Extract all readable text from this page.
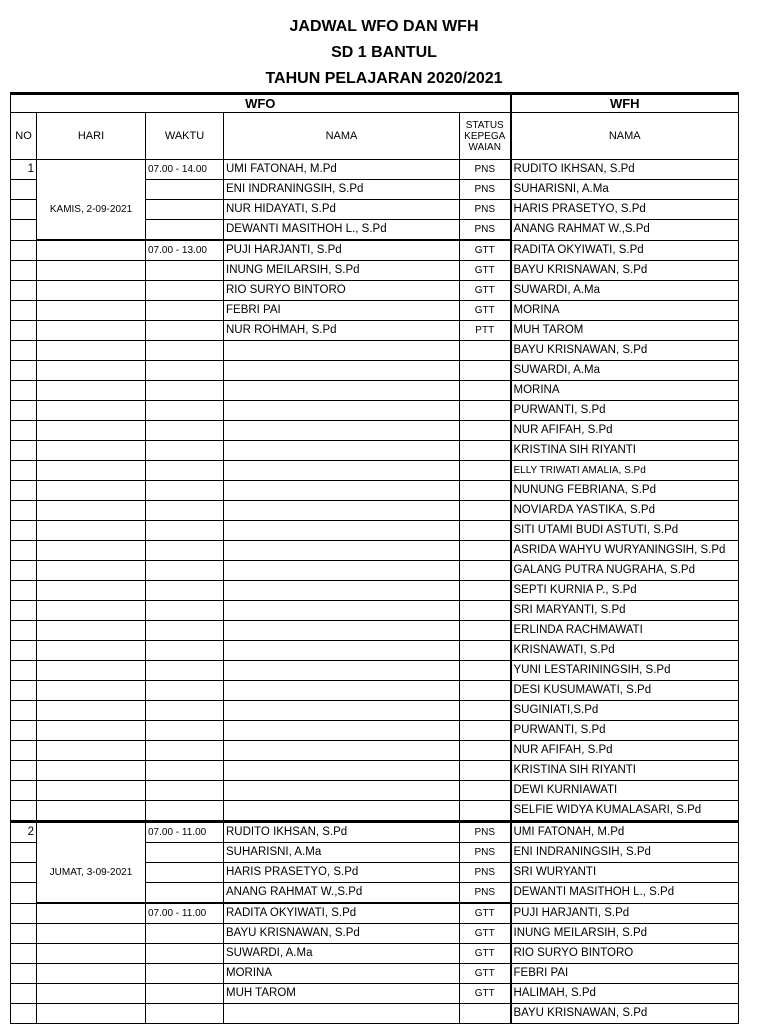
JADWAL WFO DAN WFH
SD 1 BANTUL
TAHUN PELAJARAN 2020/2021
WFO					WFH
NO	HARI	WAKTU	NAMA	STATUS
KEPEGA
WAIAN	NAMA
1		07.00 - 14.00	UMI FATONAH, M.Pd	PNS	RUDITO IKHSAN, S.Pd
			ENI INDRANINGSIH, S.Pd	PNS	SUHARISNI, A.Ma
	KAMIS, 2-09-2021		NUR HIDAYATI, S.Pd	PNS	HARIS PRASETYO, S.Pd
			DEWANTI MASITHOH L., S.Pd	PNS	ANANG RAHMAT W.,S.Pd
		07.00 - 13.00	PUJI HARJANTI, S.Pd	GTT	RADITA OKYIWATI, S.Pd
			INUNG MEILARSIH, S.Pd	GTT	BAYU KRISNAWAN, S.Pd
			RIO SURYO BINTORO	GTT	SUWARDI, A.Ma
			FEBRI PAI	GTT	MORINA
			NUR ROHMAH, S.Pd	PTT	MUH TAROM
					BAYU KRISNAWAN, S.Pd
					SUWARDI, A.Ma
					MORINA
					PURWANTI, S.Pd
					NUR AFIFAH, S.Pd
					KRISTINA SIH RIYANTI
					ELLY TRIWATI AMALIA, S.Pd
					NUNUNG FEBRIANA, S.Pd
					NOVIARDA YASTIKA, S.Pd
					SITI UTAMI BUDI ASTUTI, S.Pd
					ASRIDA WAHYU WURYANINGSIH, S.Pd
					GALANG PUTRA NUGRAHA, S.Pd
					SEPTI KURNIA P., S.Pd
					SRI MARYANTI, S.Pd
					ERLINDA RACHMAWATI
					KRISNAWATI, S.Pd
					YUNI LESTARININGSIH, S.Pd
					DESI KUSUMAWATI, S.Pd
					SUGINIATI,S.Pd
					PURWANTI, S.Pd
					NUR AFIFAH, S.Pd
					KRISTINA SIH RIYANTI
					DEWI KURNIAWATI
					SELFIE WIDYA KUMALASARI, S.Pd
2		07.00 - 11.00	RUDITO IKHSAN, S.Pd	PNS	UMI FATONAH, M.Pd
			SUHARISNI, A.Ma	PNS	ENI INDRANINGSIH, S.Pd
	JUMAT, 3-09-2021		HARIS PRASETYO, S.Pd	PNS	SRI WURYANTI
			ANANG RAHMAT W.,S.Pd	PNS	DEWANTI MASITHOH L., S.Pd
		07.00 - 11.00	RADITA OKYIWATI, S.Pd	GTT	PUJI HARJANTI, S.Pd
			BAYU KRISNAWAN, S.Pd	GTT	INUNG MEILARSIH, S.Pd
			SUWARDI, A.Ma	GTT	RIO SURYO BINTORO
			MORINA	GTT	FEBRI PAI
			MUH TAROM	GTT	HALIMAH, S.Pd
					BAYU KRISNAWAN, S.Pd
